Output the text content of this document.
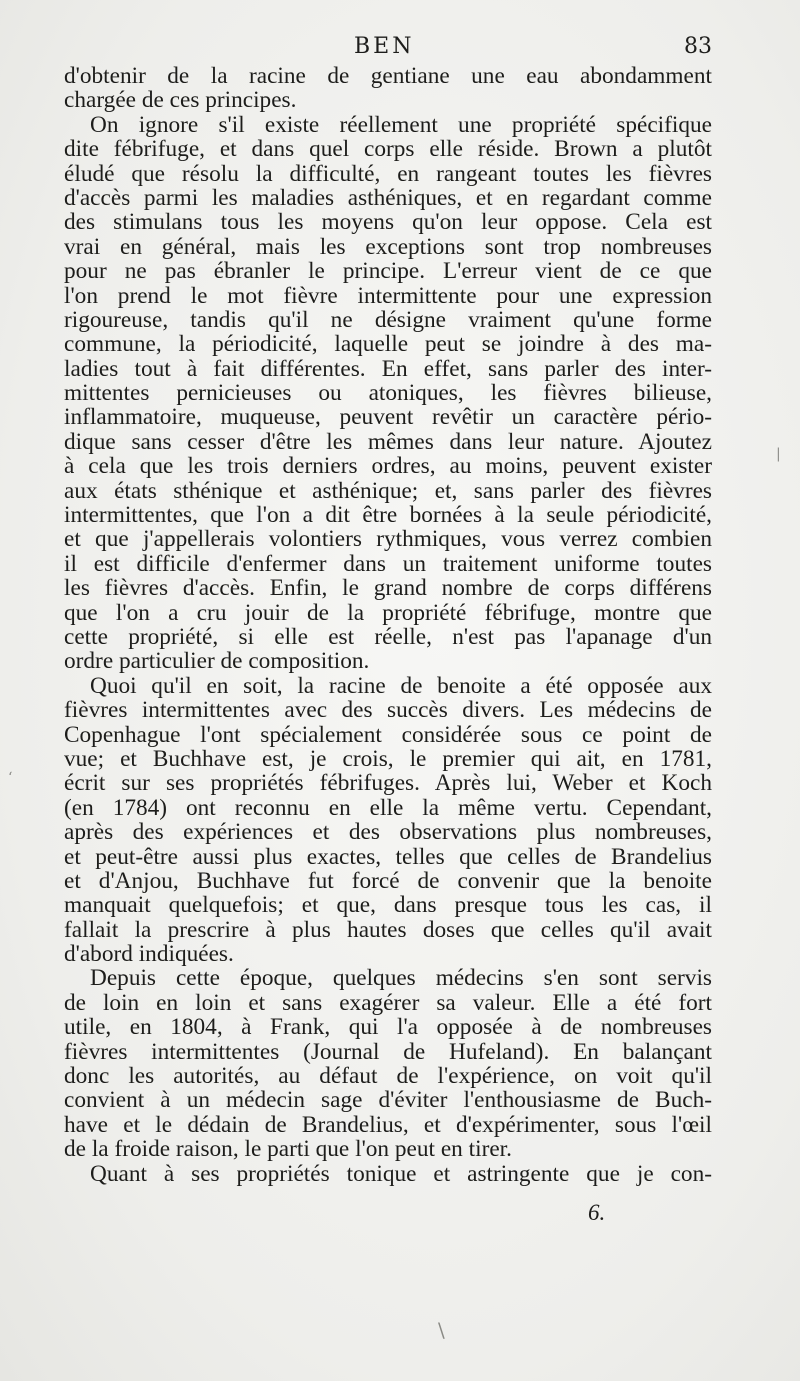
BEN	83
d'obtenir de la racine de gentiane une eau abondamment
chargée de ces principes.
On ignore s'il existe réellement une propriété spécifique
dite fébrifuge, et dans quel corps elle réside. Brown a plutôt
éludé que résolu la difficulté, en rangeant toutes les fièvres
d'accès parmi les maladies asthéniques, et en regardant comme
des stimulans tous les moyens qu'on leur oppose. Cela est
vrai en général, mais les exceptions sont trop nombreuses
pour ne pas ébranler le principe. L'erreur vient de ce que
l'on prend le mot fièvre intermittente pour une expression
rigoureuse, tandis qu'il ne désigne vraiment qu'une forme
commune, la périodicité, laquelle peut se joindre à des ma-
ladies tout à fait différentes. En effet, sans parler des inter-
mittentes pernicieuses ou atoniques, les fièvres bilieuse,
inflammatoire, muqueuse, peuvent revêtir un caractère pério-
dique sans cesser d'être les mêmes dans leur nature. Ajoutez
à cela que les trois derniers ordres, au moins, peuvent exister
aux états sthénique et asthénique; et, sans parler des fièvres
intermittentes, que l'on a dit être bornées à la seule périodicité,
et que j'appellerais volontiers rythmiques, vous verrez combien
il est difficile d'enfermer dans un traitement uniforme toutes
les fièvres d'accès. Enfin, le grand nombre de corps différens
que l'on a cru jouir de la propriété fébrifuge, montre que
cette propriété, si elle est réelle, n'est pas l'apanage d'un
ordre particulier de composition.
Quoi qu'il en soit, la racine de benoite a été opposée aux
fièvres intermittentes avec des succès divers. Les médecins de
Copenhague l'ont spécialement considérée sous ce point de
vue; et Buchhave est, je crois, le premier qui ait, en 1781,
écrit sur ses propriétés fébrifuges. Après lui, Weber et Koch
(en 1784) ont reconnu en elle la même vertu. Cependant,
après des expériences et des observations plus nombreuses,
et peut-être aussi plus exactes, telles que celles de Brandelius
et d'Anjou, Buchhave fut forcé de convenir que la benoite
manquait quelquefois; et que, dans presque tous les cas, il
fallait la prescrire à plus hautes doses que celles qu'il avait
d'abord indiquées.
Depuis cette époque, quelques médecins s'en sont servis
de loin en loin et sans exagérer sa valeur. Elle a été fort
utile, en 1804, à Frank, qui l'a opposée à de nombreuses
fièvres intermittentes (Journal de Hufeland). En balançant
donc les autorités, au défaut de l'expérience, on voit qu'il
convient à un médecin sage d'éviter l'enthousiasme de Buch-
have et le dédain de Brandelius, et d'expérimenter, sous l'œil
de la froide raison, le parti que l'on peut en tirer.
Quant à ses propriétés tonique et astringente que je con-
6.
|
ʻ
\
